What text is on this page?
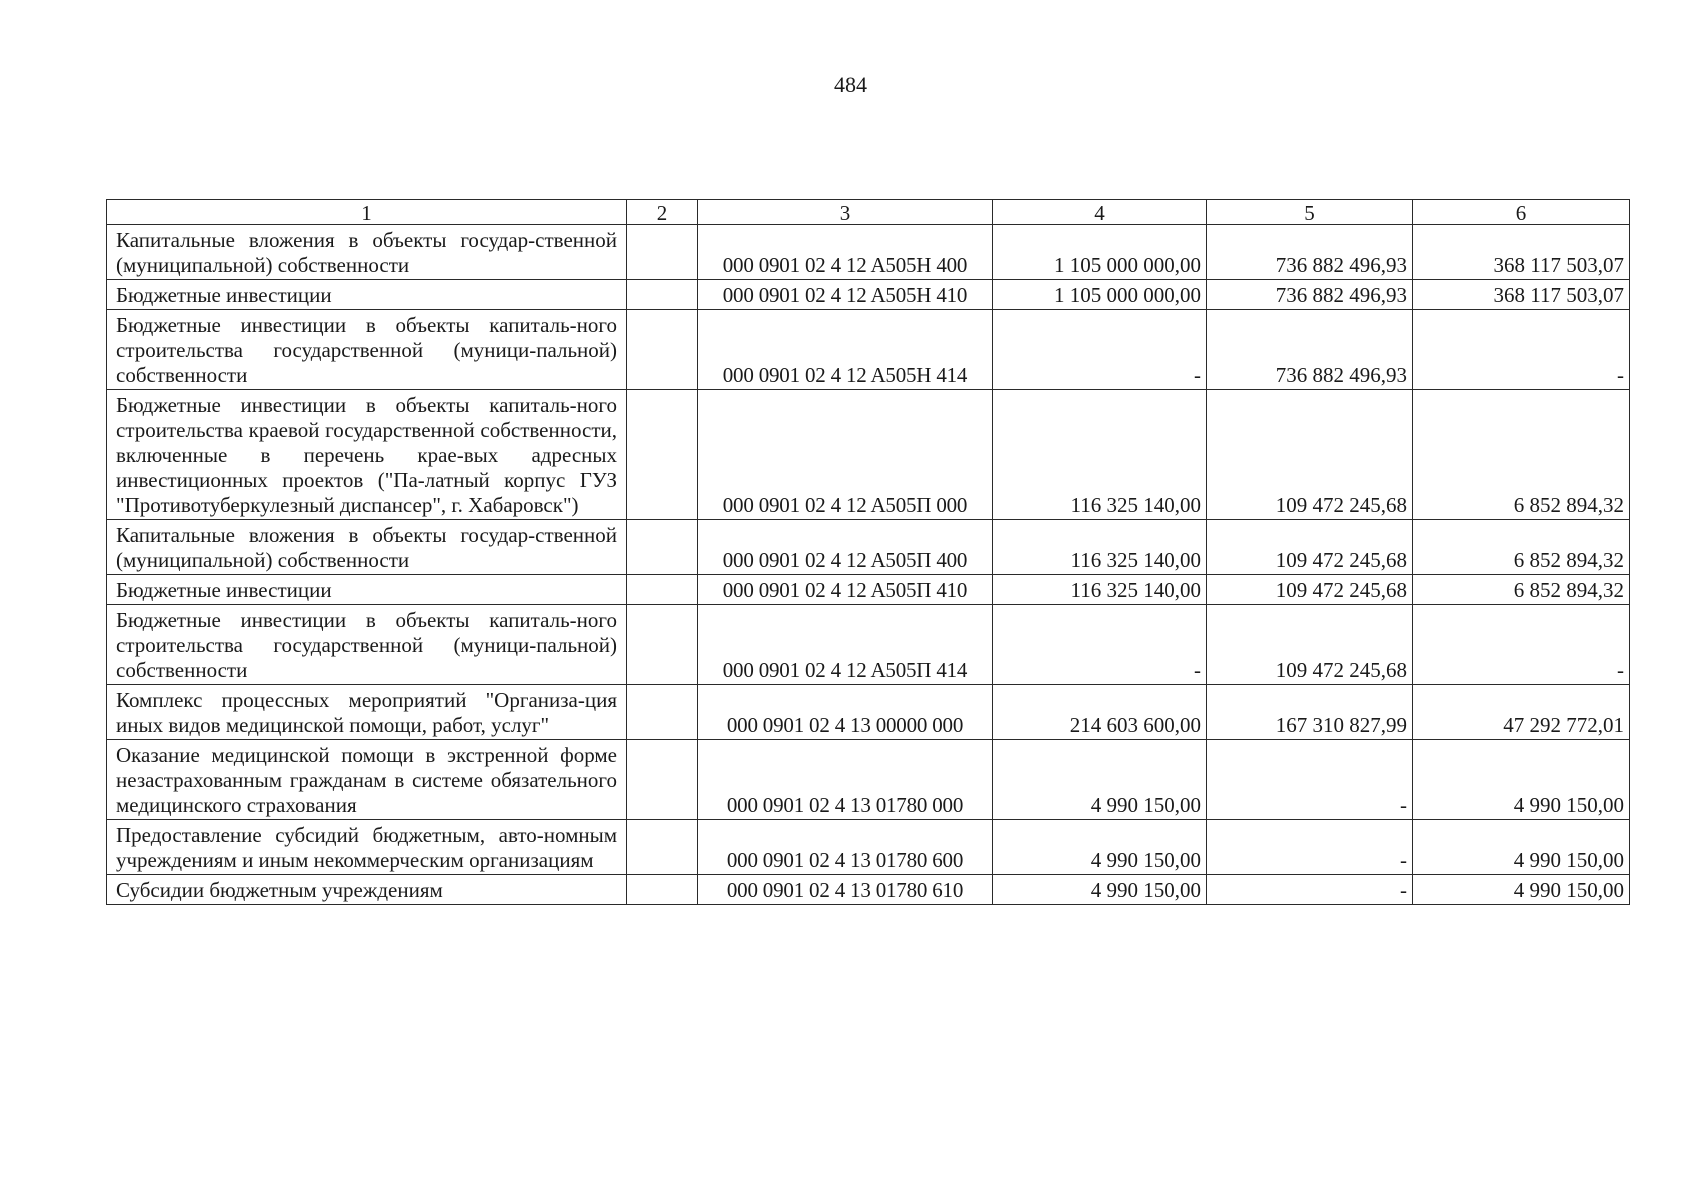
484
1	2	3	4	5	6
Капитальные вложения в объекты государ-ственной (муниципальной) собственности		000 0901 02 4 12 A505H 400	1 105 000 000,00	736 882 496,93	368 117 503,07
Бюджетные инвестиции		000 0901 02 4 12 A505H 410	1 105 000 000,00	736 882 496,93	368 117 503,07
Бюджетные инвестиции в объекты капиталь-ного строительства государственной (муници-пальной) собственности		000 0901 02 4 12 A505H 414	-	736 882 496,93	-
Бюджетные инвестиции в объекты капиталь-ного строительства краевой государственной собственности, включенные в перечень крае-вых адресных инвестиционных проектов ("Па-латный корпус ГУЗ "Противотуберкулезный диспансер", г. Хабаровск")		000 0901 02 4 12 A505П 000	116 325 140,00	109 472 245,68	6 852 894,32
Капитальные вложения в объекты государ-ственной (муниципальной) собственности		000 0901 02 4 12 A505П 400	116 325 140,00	109 472 245,68	6 852 894,32
Бюджетные инвестиции		000 0901 02 4 12 A505П 410	116 325 140,00	109 472 245,68	6 852 894,32
Бюджетные инвестиции в объекты капиталь-ного строительства государственной (муници-пальной) собственности		000 0901 02 4 12 A505П 414	-	109 472 245,68	-
Комплекс процессных мероприятий "Организа-ция иных видов медицинской помощи, работ, услуг"		000 0901 02 4 13 00000 000	214 603 600,00	167 310 827,99	47 292 772,01
Оказание медицинской помощи в экстренной форме незастрахованным гражданам в системе обязательного медицинского страхования		000 0901 02 4 13 01780 000	4 990 150,00	-	4 990 150,00
Предоставление субсидий бюджетным, авто-номным учреждениям и иным некоммерческим организациям		000 0901 02 4 13 01780 600	4 990 150,00	-	4 990 150,00
Субсидии бюджетным учреждениям		000 0901 02 4 13 01780 610	4 990 150,00	-	4 990 150,00
